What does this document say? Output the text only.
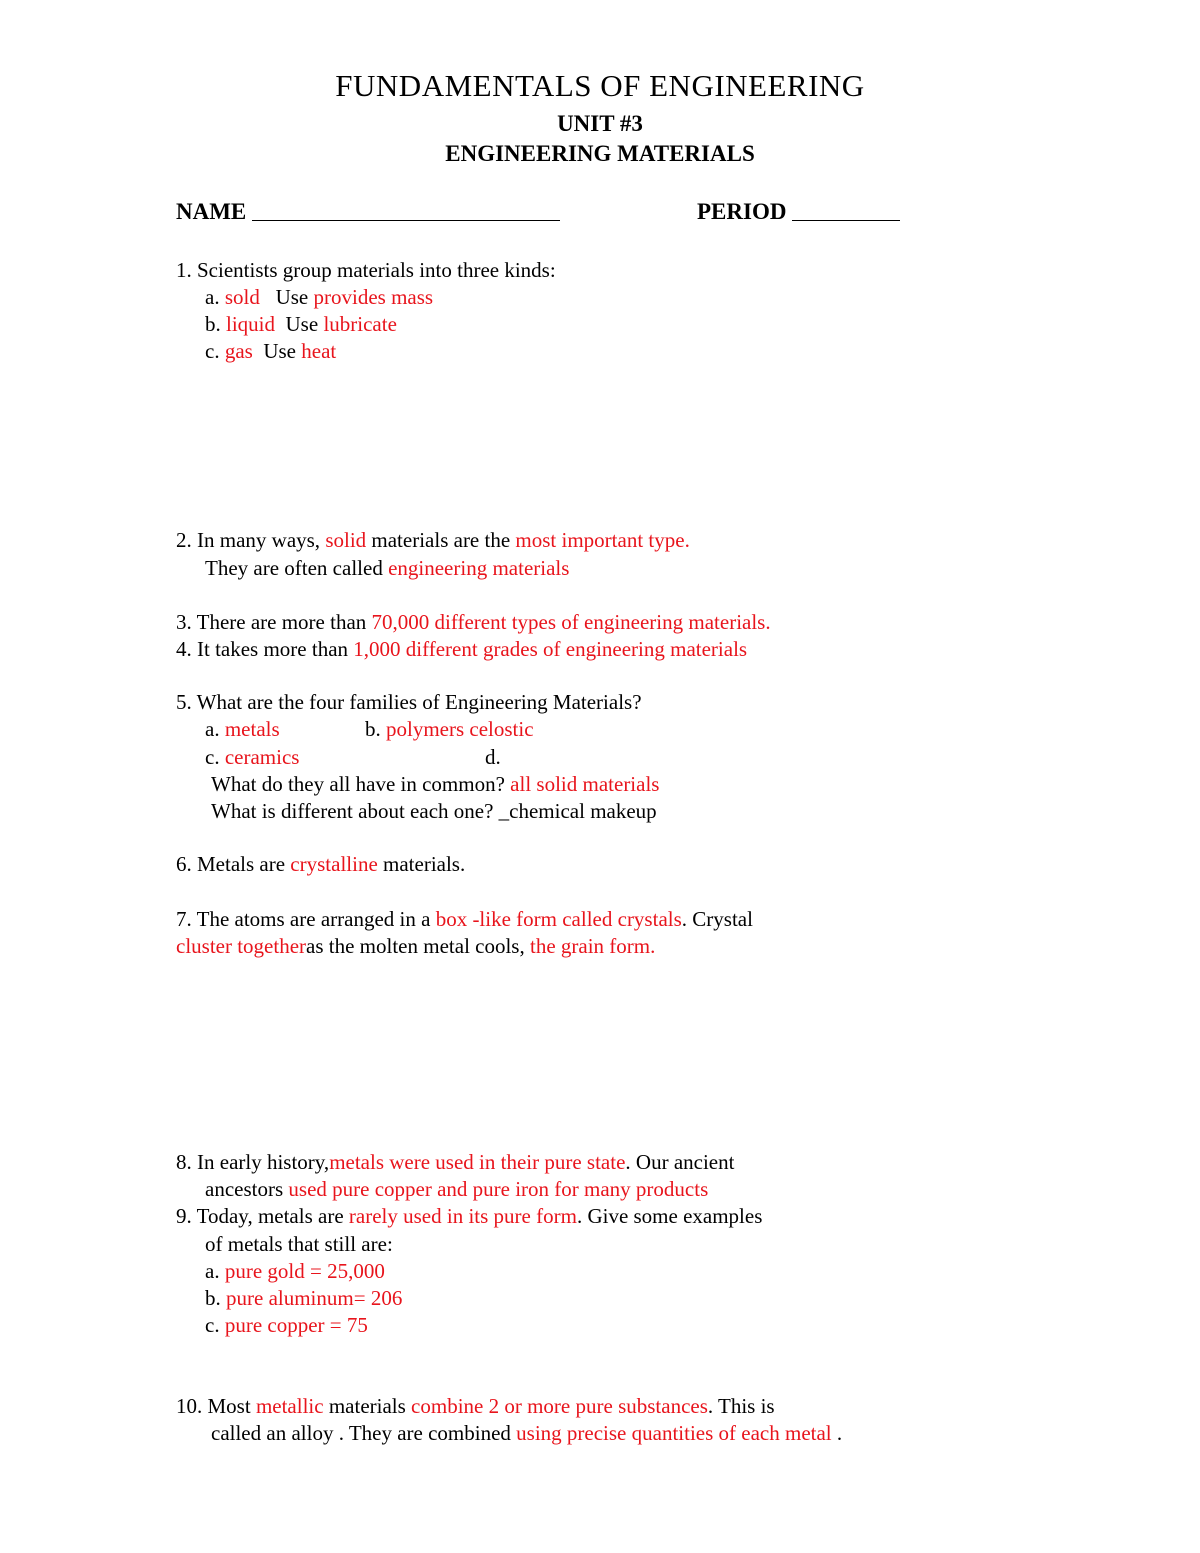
FUNDAMENTALS OF ENGINEERING
UNIT #3
ENGINEERING MATERIALS
NAME	PERIOD
1. Scientists group materials into three kinds:
a. sold Use provides mass
b. liquid Use lubricate
c. gas Use heat
2. In many ways, solid materials are the most important type.
They are often called engineering materials
3. There are more than 70,000 different types of engineering materials.
4. It takes more than 1,000 different grades of engineering materials
5. What are the four families of Engineering Materials?
a. metals	b. polymers celostic
c. ceramics	d.
What do they all have in common? all solid materials
What is different about each one? _chemical makeup
6. Metals are crystalline materials.
7. The atoms are arranged in a box -like form called crystals. Crystal
cluster togetheras the molten metal cools, the grain form.
8. In early history,metals were used in their pure state. Our ancient
ancestors used pure copper and pure iron for many products
9. Today, metals are rarely used in its pure form. Give some examples
of metals that still are:
a. pure gold = 25,000
b. pure aluminum= 206
c. pure copper = 75
10. Most metallic materials combine 2 or more pure substances. This is
called an alloy . They are combined using precise quantities of each metal .
